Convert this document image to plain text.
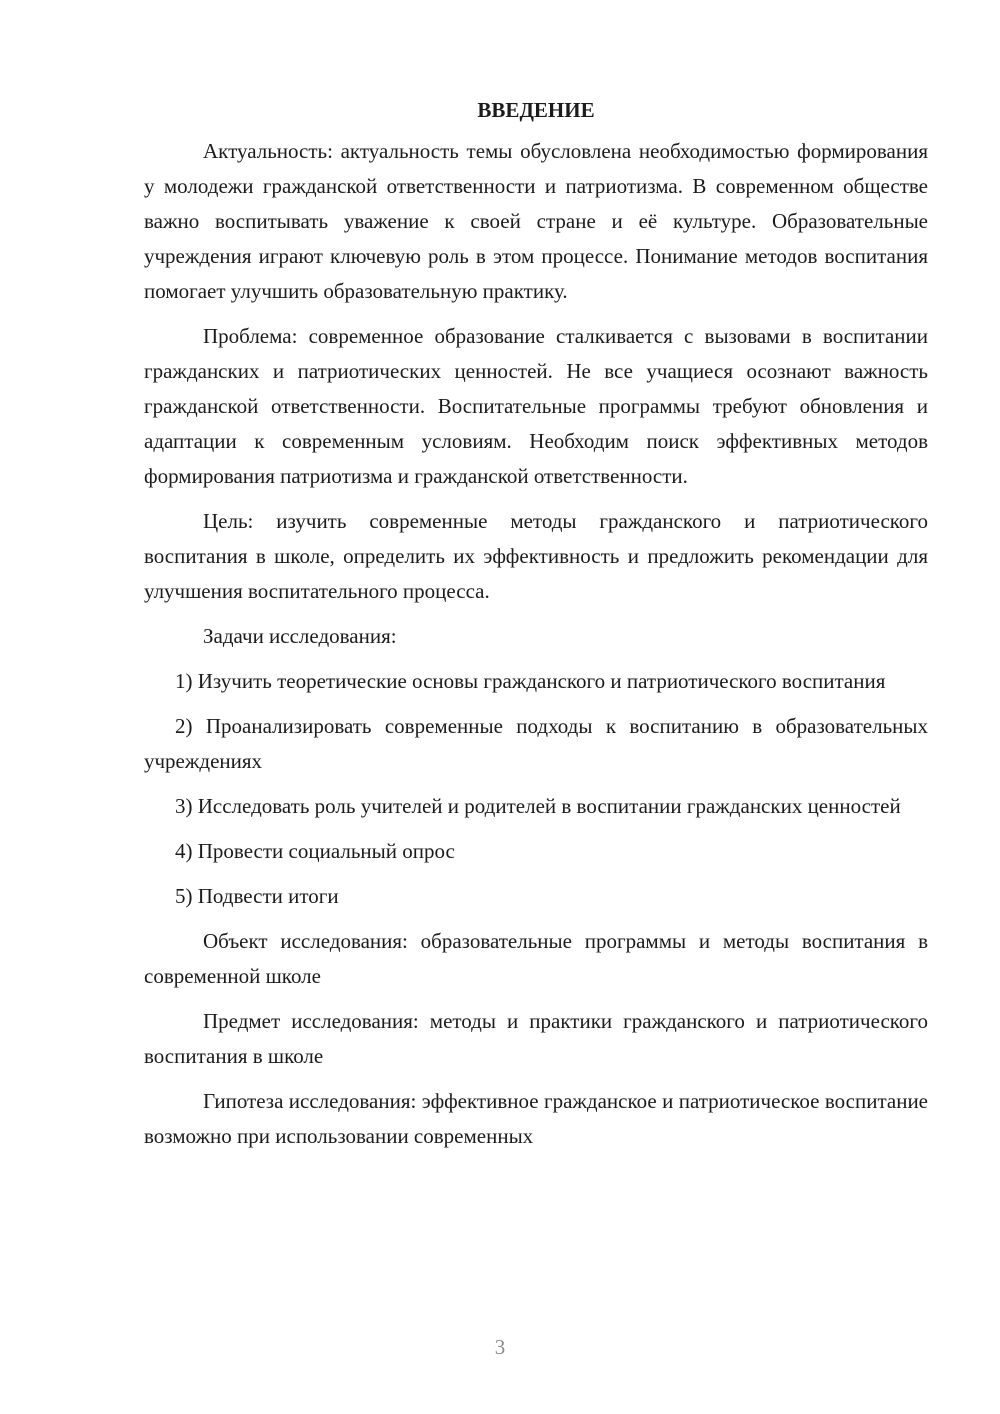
ВВЕДЕНИЕ

Актуальность: актуальность темы обусловлена необходимостью формирования у молодежи гражданской ответственности и патриотизма. В современном обществе важно воспитывать уважение к своей стране и её культуре. Образовательные учреждения играют ключевую роль в этом процессе. Понимание методов воспитания помогает улучшить образовательную практику.

Проблема: современное образование сталкивается с вызовами в воспитании гражданских и патриотических ценностей. Не все учащиеся осознают важность гражданской ответственности. Воспитательные программы требуют обновления и адаптации к современным условиям. Необходим поиск эффективных методов формирования патриотизма и гражданской ответственности.

Цель: изучить современные методы гражданского и патриотического воспитания в школе, определить их эффективность и предложить рекомендации для улучшения воспитательного процесса.

Задачи исследования:

1) Изучить теоретические основы гражданского и патриотического воспитания

2) Проанализировать современные подходы к воспитанию в образовательных учреждениях

3) Исследовать роль учителей и родителей в воспитании гражданских ценностей

4) Провести социальный опрос

5) Подвести итоги

Объект исследования: образовательные программы и методы воспитания в современной школе

Предмет исследования: методы и практики гражданского и патриотического воспитания в школе

Гипотеза исследования: эффективное гражданское и патриотическое воспитание возможно при использовании современных

3
